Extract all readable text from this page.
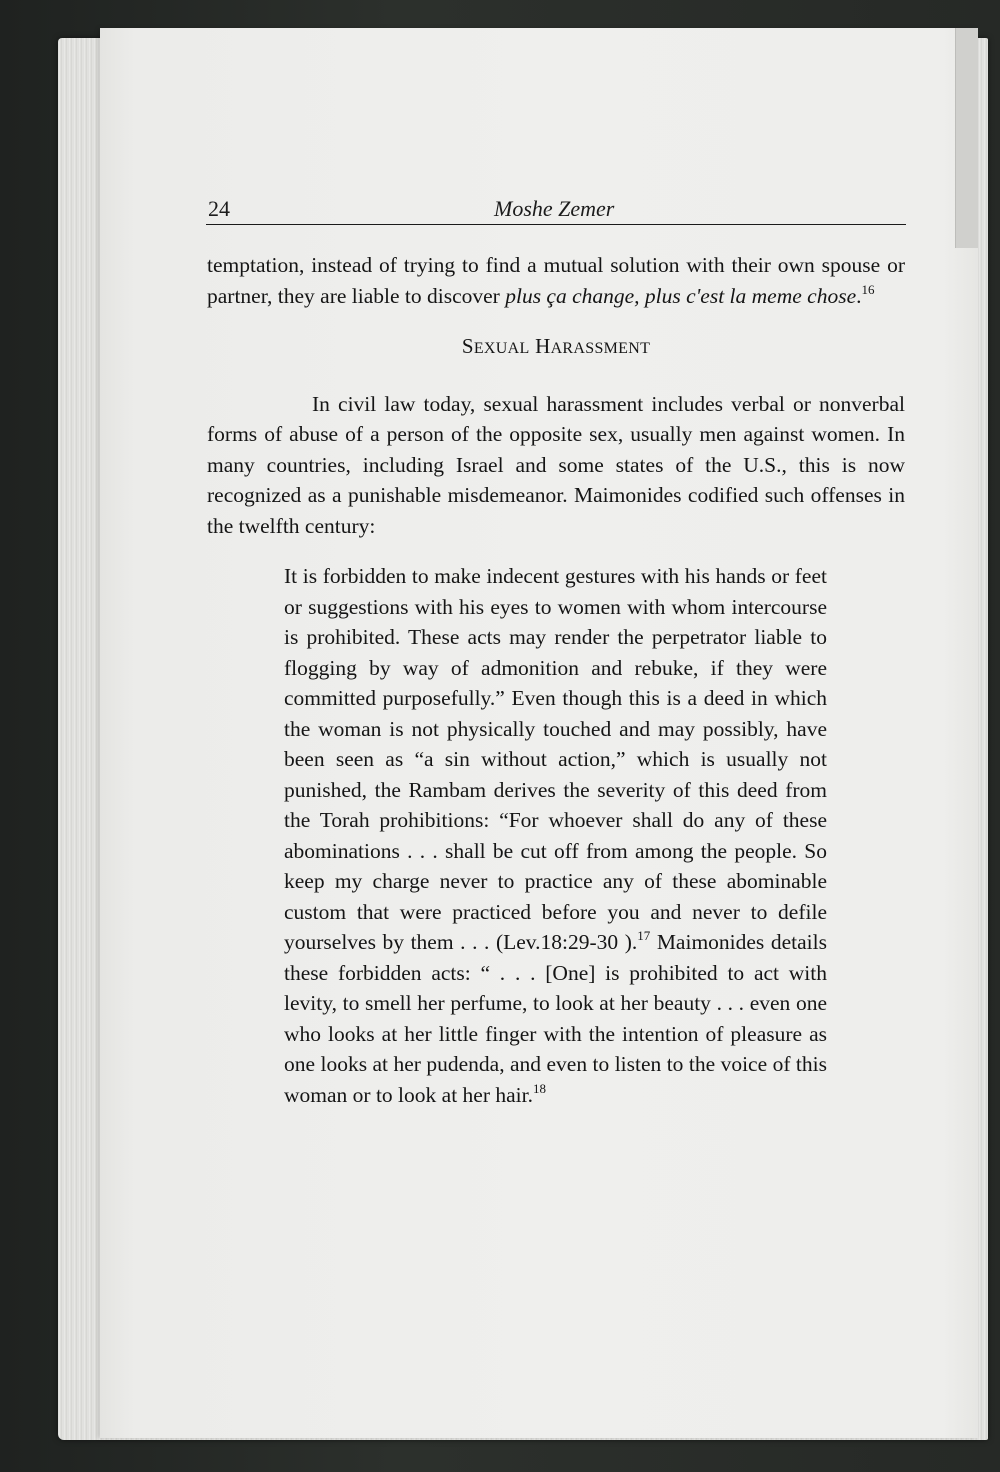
24	Moshe Zemer

temptation, instead of trying to find a mutual solution with their own spouse or partner, they are liable to discover plus ça change, plus c'est la meme chose.$^{16}$

SEXUAL HARASSMENT

In civil law today, sexual harassment includes verbal or nonverbal forms of abuse of a person of the opposite sex, usually men against women. In many countries, including Israel and some states of the U.S., this is now recognized as a punishable misdemeanor. Maimonides codified such offenses in the twelfth century:

It is forbidden to make indecent gestures with his hands or feet or suggestions with his eyes to women with whom intercourse is prohibited. These acts may render the perpetrator liable to flogging by way of admonition and rebuke, if they were committed purposefully.” Even though this is a deed in which the woman is not physically touched and may possibly, have been seen as “a sin without action,” which is usually not punished, the Rambam derives the severity of this deed from the Torah prohibitions: “For whoever shall do any of these abominations . . . shall be cut off from among the people. So keep my charge never to practice any of these abominable custom that were practiced before you and never to defile yourselves by them . . . (Lev.18:29-30 ).$^{17}$ Maimonides details these forbidden acts: “ . . . [One] is prohibited to act with levity, to smell her perfume, to look at her beauty . . . even one who looks at her little finger with the intention of pleasure as one looks at her pudenda, and even to listen to the voice of this woman or to look at her hair.$^{18}$
